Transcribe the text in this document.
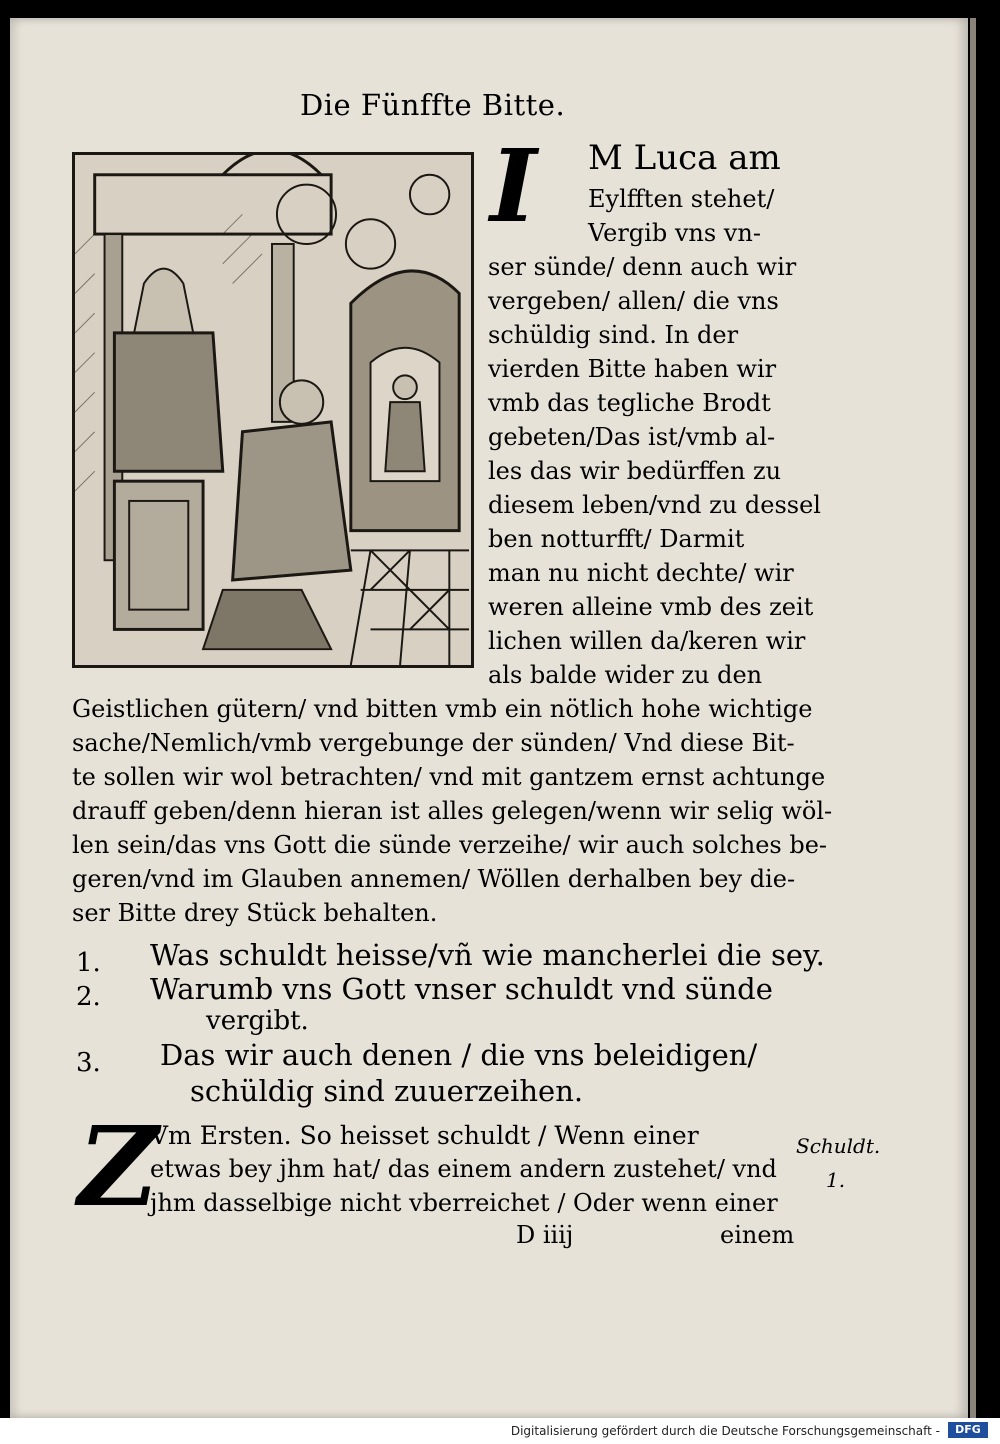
Die Fünffte Bitte.
I M Luca am
Eylfften stehet/
Vergib vns vn-
ser sünde/ denn auch wir
vergeben/ allen/ die vns
schüldig sind. In der
vierden Bitte haben wir
vmb das tegliche Brodt
gebeten/Das ist/vmb al-
les das wir bedürffen zu
diesem leben/vnd zu dessel
ben notturfft/ Darmit
man nu nicht dechte/ wir
weren alleine vmb des zeit
lichen willen da/keren wir
als balde wider zu den
Geistlichen gütern/ vnd bitten vmb ein nötlich hohe wichtige
sache/Nemlich/vmb vergebunge der sünden/ Vnd diese Bit-
te sollen wir wol betrachten/ vnd mit gantzem ernst achtunge
drauff geben/denn hieran ist alles gelegen/wenn wir selig wöl-
len sein/das vns Gott die sünde verzeihe/ wir auch solches be-
geren/vnd im Glauben annemen/ Wöllen derhalben bey die-
ser Bitte drey Stück behalten.
1. Was schuldt heisse/vñ wie mancherlei die sey.
2. Warumb vns Gott vnser schuldt vnd sünde
vergibt.
3. Das wir auch denen / die vns beleidigen/
schüldig sind zuuerzeihen.
Z
Vm Ersten. So heisset schuldt / Wenn einer
etwas bey jhm hat/ das einem andern zustehet/ vnd
jhm dasselbige nicht vberreichet / Oder wenn einer
D iiij	einem
Schuldt.
1.
Digitalisierung gefördert durch die Deutsche Forschungsgemeinschaft -	DFG
